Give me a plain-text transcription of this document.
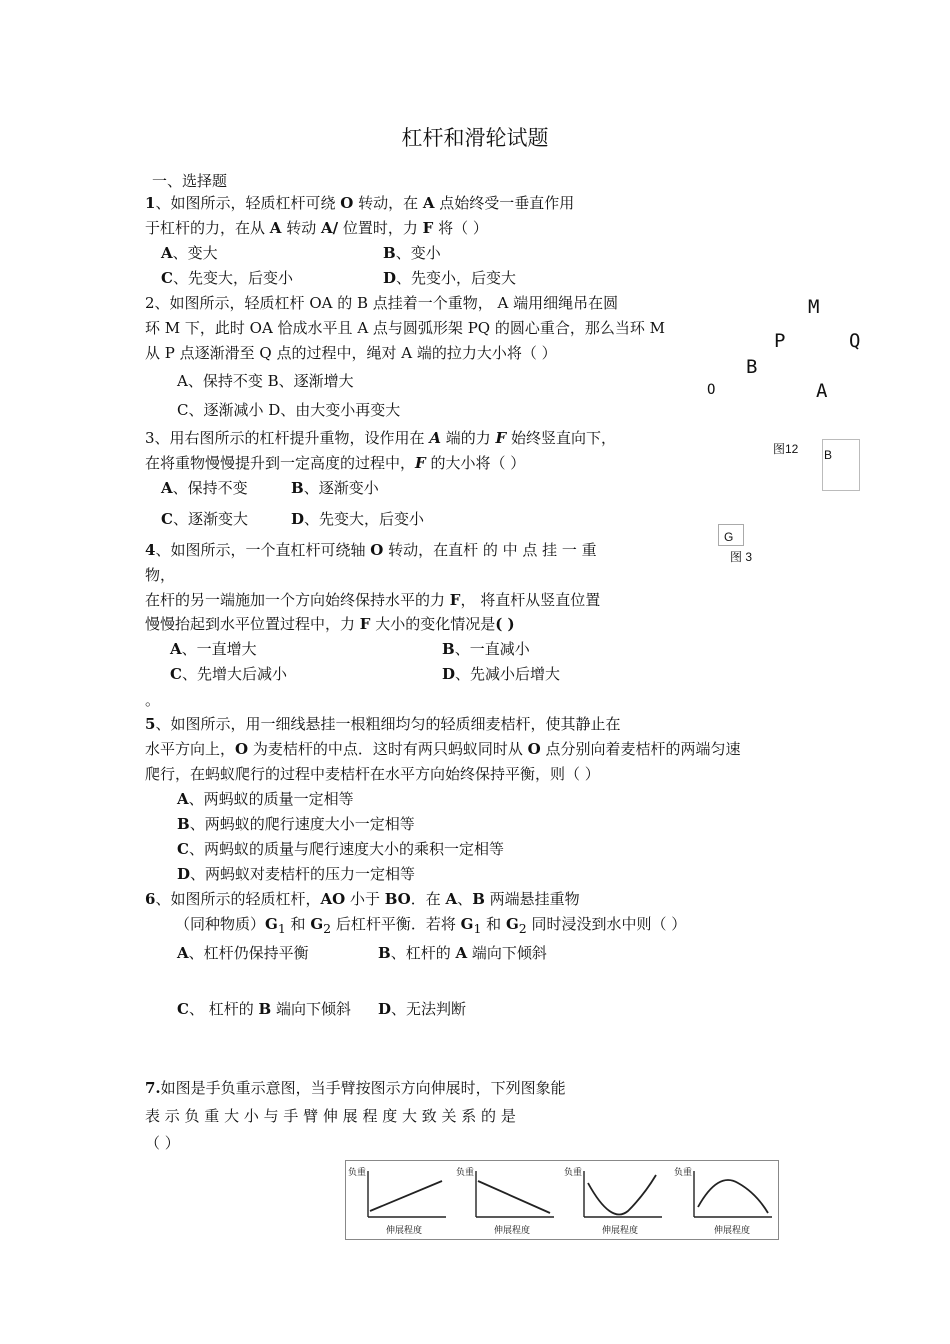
杠杆和滑轮试题
一、选择题
1、如图所示，轻质杠杆可绕 O 转动，在 A 点始终受一垂直作用
于杠杆的力，在从 A 转动 A/ 位置时，力 F 将（ ）
A、变大	B、变小
C、先变大，后变小	D、先变小，后变大
2、如图所示，轻质杠杆 OA 的 B 点挂着一个重物， A 端用细绳吊在圆
环 M 下，此时 OA 恰成水平且 A 点与圆弧形架 PQ 的圆心重合，那么当环 M
从 P 点逐渐滑至 Q 点的过程中，绳对 A 端的拉力大小将（ ）
A、保持不变 B、逐渐增大
C、逐渐减小 D、由大变小再变大
M
P	Q
B
O	A
图12 B
3、用右图所示的杠杆提升重物，设作用在 A 端的力 F 始终竖直向下，
在将重物慢慢提升到一定高度的过程中，F 的大小将（ ）
A、保持不变	B、逐渐变小
C、逐渐变大	D、先变大，后变小
G
图 3
4、如图所示，一个直杠杆可绕轴 O 转动，在直杆 的 中 点 挂 一 重
物，
在杆的另一端施加一个方向始终保持水平的力 F， 将直杆从竖直位置
慢慢抬起到水平位置过程中，力 F 大小的变化情况是( )
A、一直增大	B、一直减小
C、先增大后减小	D、先减小后增大
。
5、如图所示，用一细线悬挂一根粗细均匀的轻质细麦桔杆，使其静止在
水平方向上，O 为麦桔杆的中点．这时有两只蚂蚁同时从 O 点分别向着麦桔杆的两端匀速
爬行，在蚂蚁爬行的过程中麦桔杆在水平方向始终保持平衡，则（ ）
A、两蚂蚁的质量一定相等
B、两蚂蚁的爬行速度大小一定相等
C、两蚂蚁的质量与爬行速度大小的乘积一定相等
D、两蚂蚁对麦桔杆的压力一定相等
6、如图所示的轻质杠杆，AO 小于 BO．在 A、B 两端悬挂重物
（同种物质）$G_1$ 和 $G_2$ 后杠杆平衡．若将 $G_1$ 和 $G_2$ 同时浸没到水中则（ ）
A、杠杆仍保持平衡	B、杠杆的 A 端向下倾斜
C、 杠杆的 B 端向下倾斜 D、无法判断
7.如图是手负重示意图，当手臂按图示方向伸展时，下列图象能
表 示 负 重 大 小 与 手 臂 伸 展 程 度 大 致 关 系 的 是
（ ）
负重
伸展程度
负重
伸展程度
负重
伸展程度
负重
伸展程度
